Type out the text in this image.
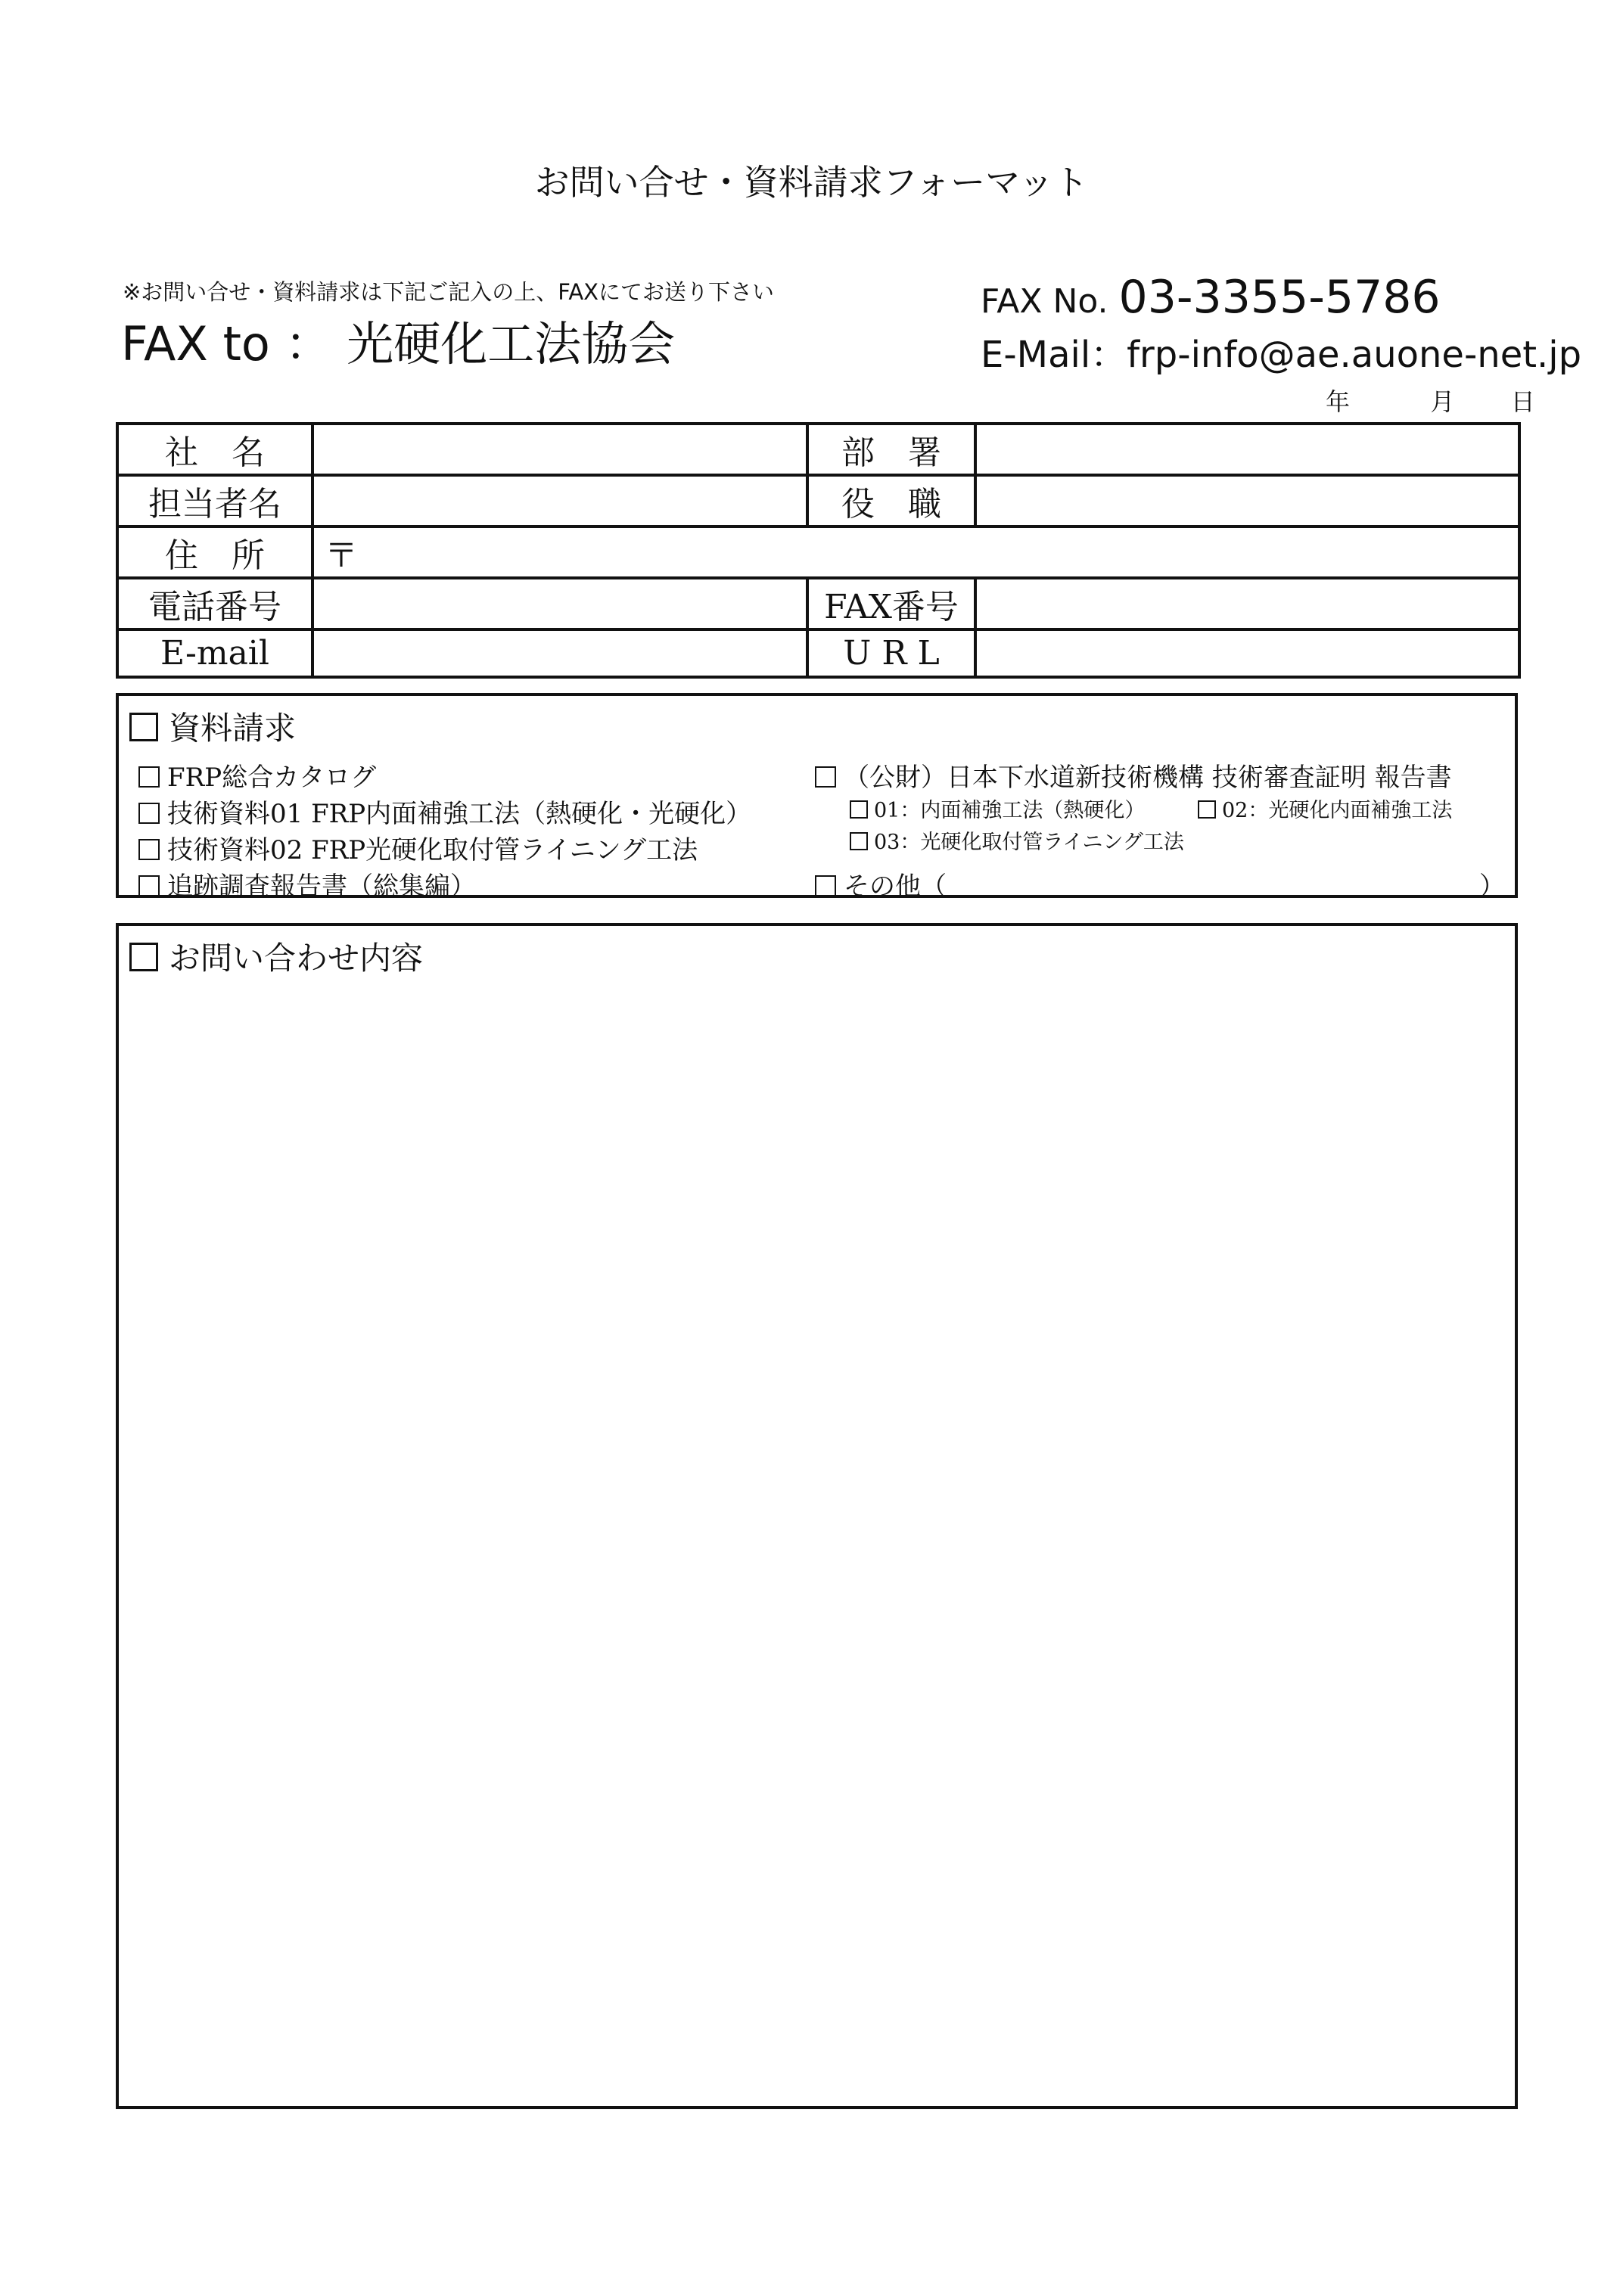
お問い合せ・資料請求フォーマット
※お問い合せ・資料請求は下記ご記入の上、FAXにてお送り下さい
FAX to ： 光硬化工法協会
FAX No. 03-3355-5786
E-Mail：frp-info@ae.auone-net.jp
年	月 日
社　名		部　署	
担当者名		役　職	
住　所	〒		
電話番号		FAX番号	
E-mail		U R L	
資料請求
FRP総合カタログ
技術資料01 FRP内面補強工法（熱硬化・光硬化）
技術資料02 FRP光硬化取付管ライニング工法
追跡調査報告書（総集編）
（公財）日本下水道新技術機構 技術審査証明 報告書
01：内面補強工法（熱硬化）	02：光硬化内面補強工法
03：光硬化取付管ライニング工法
その他（	）
お問い合わせ内容
